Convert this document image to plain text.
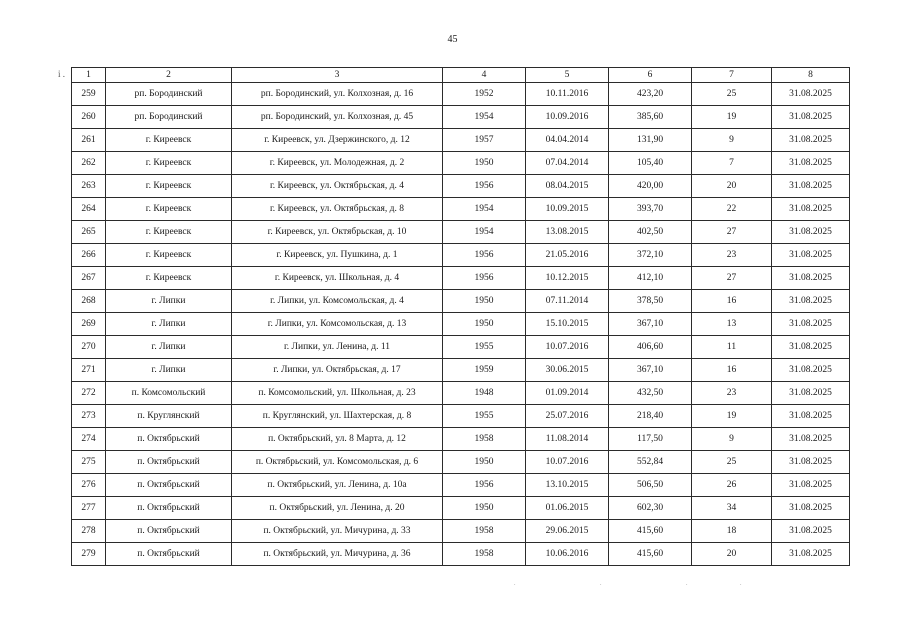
45
i . 1	2	3	4	5	6	7	8
259	рп. Бородинский	рп. Бородинский, ул. Колхозная, д. 16	1952	10.11.2016	423,20	25	31.08.2025
260	рп. Бородинский	рп. Бородинский, ул. Колхозная, д. 45	1954	10.09.2016	385,60	19	31.08.2025
261	г. Киреевск	г. Киреевск, ул. Дзержинского, д. 12	1957	04.04.2014	131,90	9	31.08.2025
262	г. Киреевск	г. Киреевск, ул. Молодежная, д. 2	1950	07.04.2014	105,40	7	31.08.2025
263	г. Киреевск	г. Киреевск, ул. Октябрьская, д. 4	1956	08.04.2015	420,00	20	31.08.2025
264	г. Киреевск	г. Киреевск, ул. Октябрьская, д. 8	1954	10.09.2015	393,70	22	31.08.2025
265	г. Киреевск	г. Киреевск, ул. Октябрьская, д. 10	1954	13.08.2015	402,50	27	31.08.2025
266	г. Киреевск	г. Киреевск, ул. Пушкина, д. 1	1956	21.05.2016	372,10	23	31.08.2025
267	г. Киреевск	г. Киреевск, ул. Школьная, д. 4	1956	10.12.2015	412,10	27	31.08.2025
268	г. Липки	г. Липки, ул. Комсомольская, д. 4	1950	07.11.2014	378,50	16	31.08.2025
269	г. Липки	г. Липки, ул. Комсомольская, д. 13	1950	15.10.2015	367,10	13	31.08.2025
270	г. Липки	г. Липки, ул. Ленина, д. 11	1955	10.07.2016	406,60	11	31.08.2025
271	г. Липки	г. Липки, ул. Октябрьская, д. 17	1959	30.06.2015	367,10	16	31.08.2025
272	п. Комсомольский	п. Комсомольский, ул. Школьная, д. 23	1948	01.09.2014	432,50	23	31.08.2025
273	п. Круглянский	п. Круглянский, ул. Шахтерская, д. 8	1955	25.07.2016	218,40	19	31.08.2025
274	п. Октябрьский	п. Октябрьский, ул. 8 Марта, д. 12	1958	11.08.2014	117,50	9	31.08.2025
275	п. Октябрьский	п. Октябрьский, ул. Комсомольская, д. 6	1950	10.07.2016	552,84	25	31.08.2025
276	п. Октябрьский	п. Октябрьский, ул. Ленина, д. 10а	1956	13.10.2015	506,50	26	31.08.2025
277	п. Октябрьский	п. Октябрьский, ул. Ленина, д. 20	1950	01.06.2015	602,30	34	31.08.2025
278	п. Октябрьский	п. Октябрьский, ул. Мичурина, д. 33	1958	29.06.2015	415,60	18	31.08.2025
279	п. Октябрьский	п. Октябрьский, ул. Мичурина, д. 36	1958	10.06.2016	415,60	20	31.08.2025
.	.	.	.
